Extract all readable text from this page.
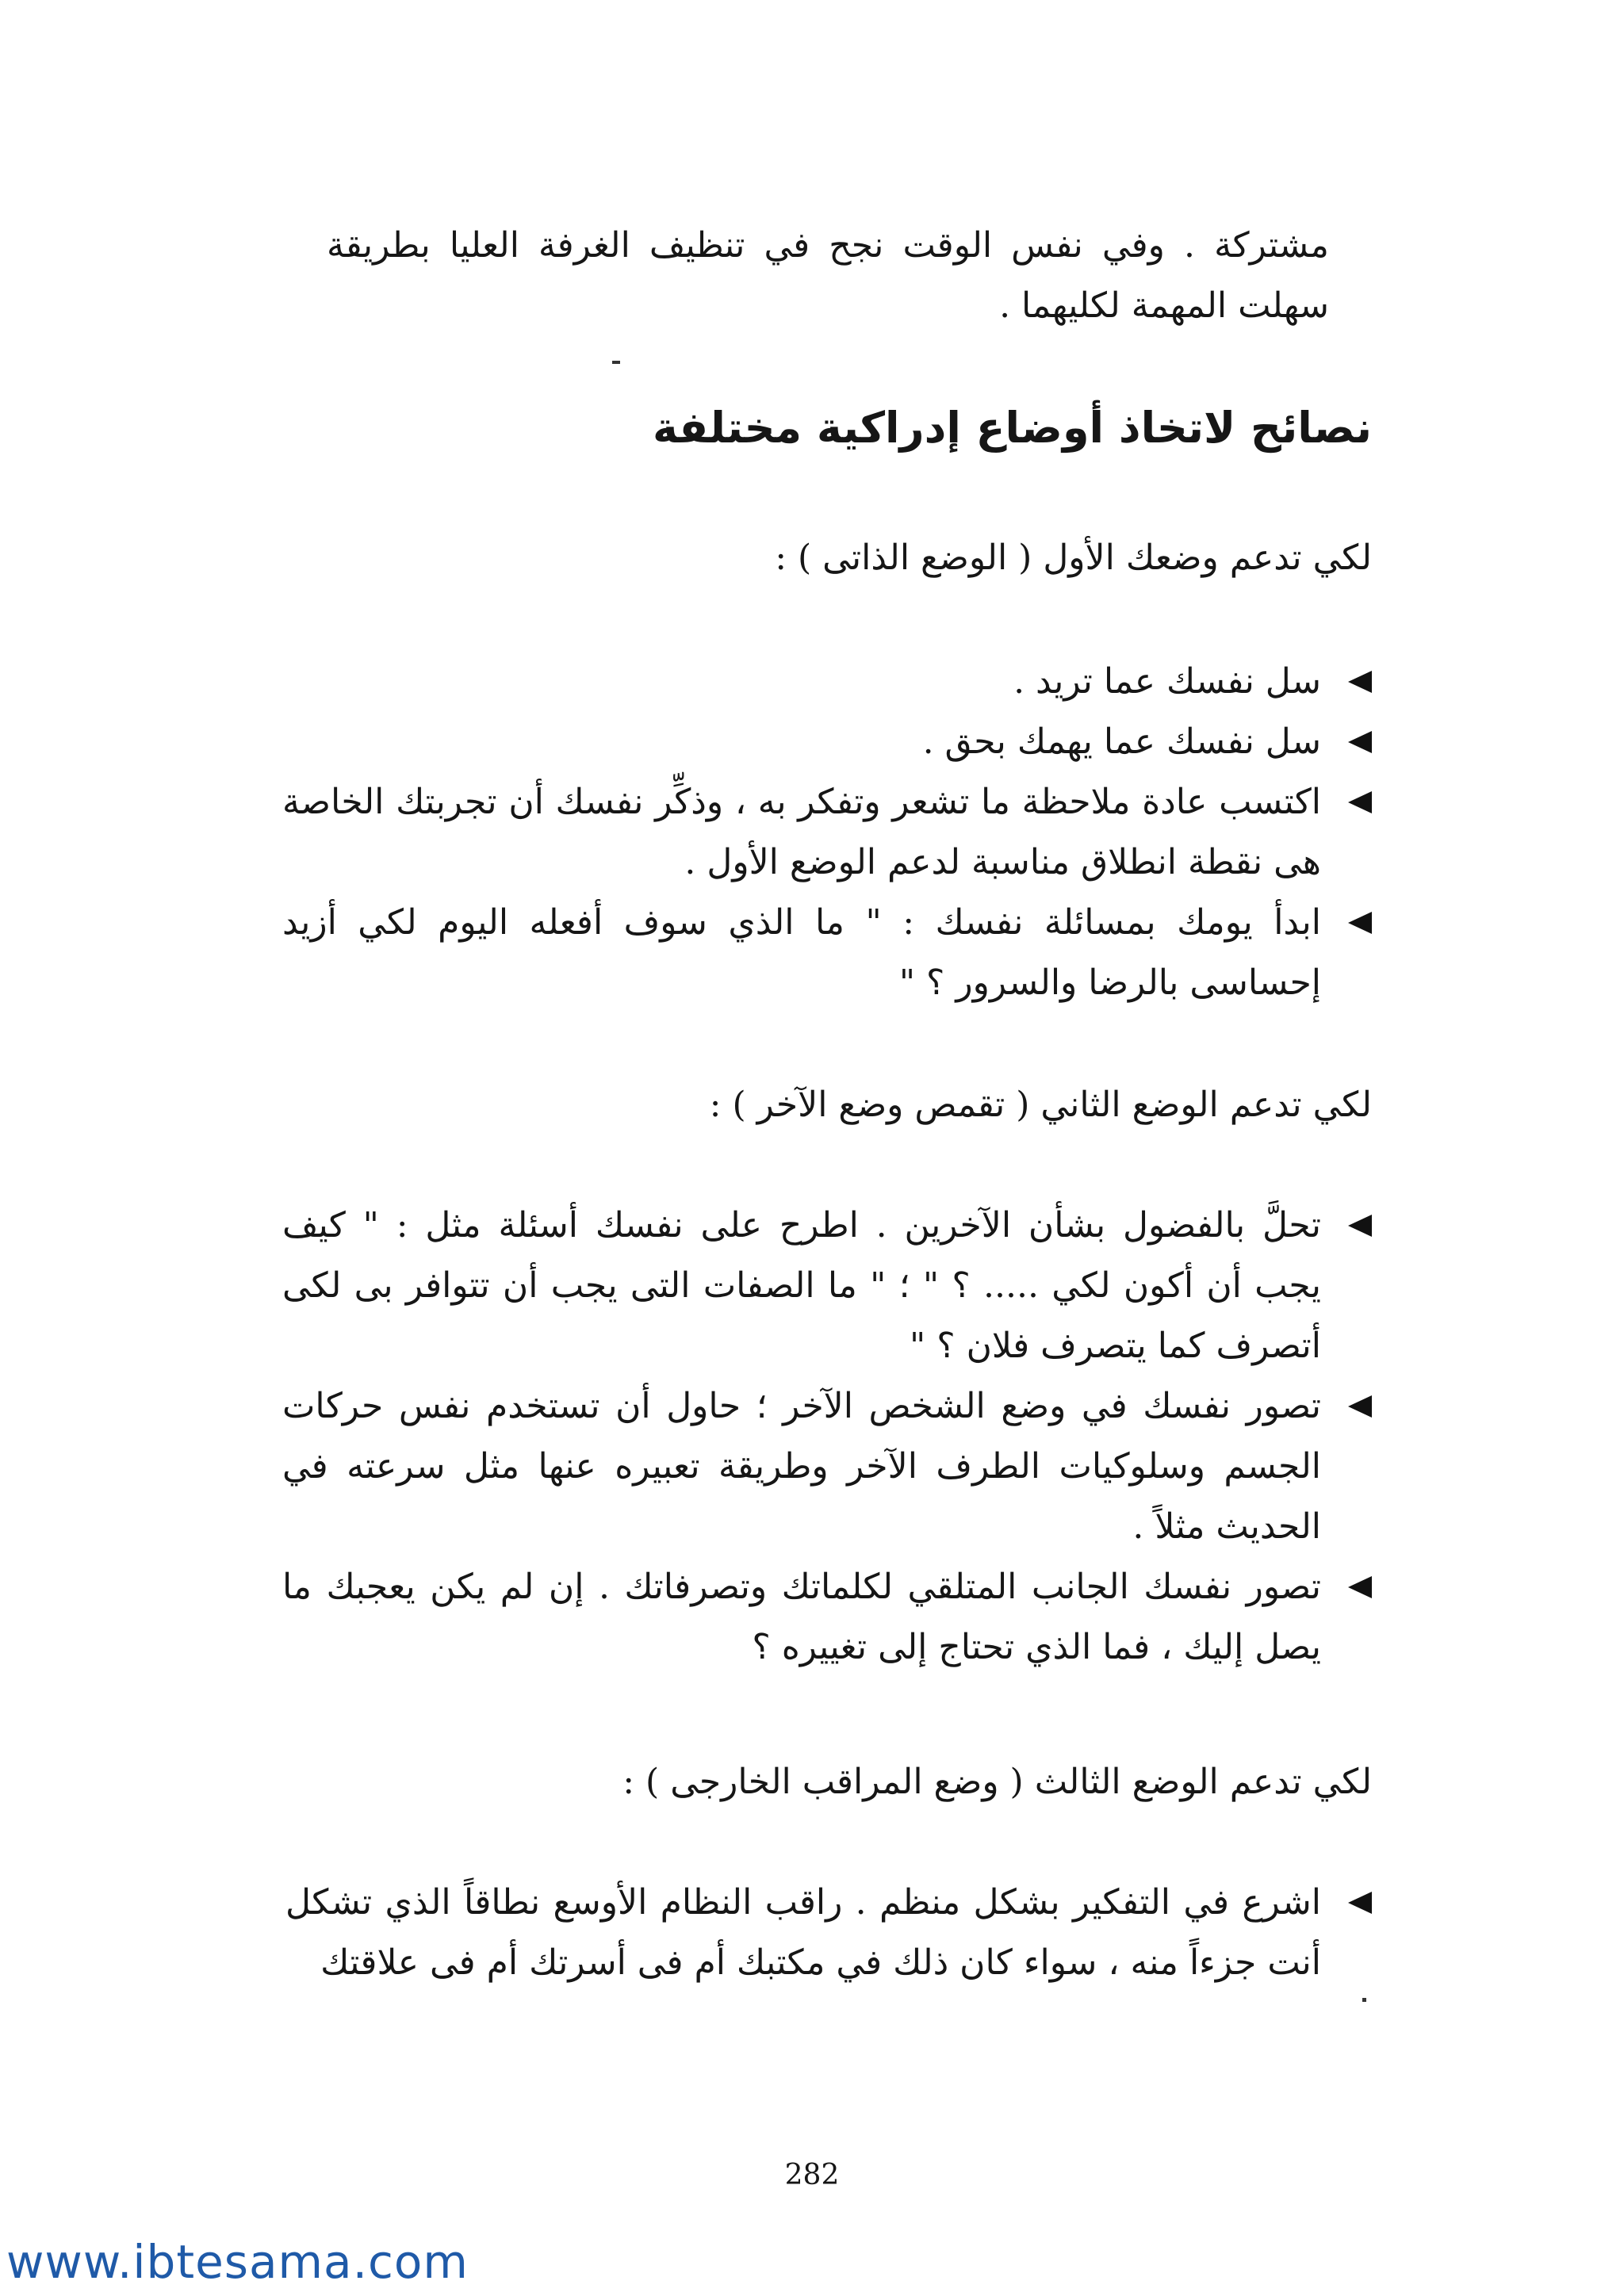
مشتركة . وفي نفس الوقت نجح في تنظيف الغرفة العليا بطريقة سهلت المهمة لكليهما .

نصائح لاتخاذ أوضاع إدراكية مختلفة

لكي تدعم وضعك الأول ( الوضع الذاتى ) :

سل نفسك عما تريد .
سل نفسك عما يهمك بحق .
اكتسب عادة ملاحظة ما تشعر وتفكر به ، وذكِّر نفسك أن تجربتك الخاصة هى نقطة انطلاق مناسبة لدعم الوضع الأول .
ابدأ يومك بمسائلة نفسك : " ما الذي سوف أفعله اليوم لكي أزيد إحساسى بالرضا والسرور ؟ "

لكي تدعم الوضع الثاني ( تقمص وضع الآخر ) :

تحلَّ بالفضول بشأن الآخرين . اطرح على نفسك أسئلة مثل : " كيف يجب أن أكون لكي ..... ؟ " ؛ " ما الصفات التى يجب أن تتوافر بى لكى أتصرف كما يتصرف فلان ؟ "
تصور نفسك في وضع الشخص الآخر ؛ حاول أن تستخدم نفس حركات الجسم وسلوكيات الطرف الآخر وطريقة تعبيره عنها مثل سرعته في الحديث مثلاً .
تصور نفسك الجانب المتلقي لكلماتك وتصرفاتك . إن لم يكن يعجبك ما يصل إليك ، فما الذي تحتاج إلى تغييره ؟

لكي تدعم الوضع الثالث ( وضع المراقب الخارجى ) :

اشرع في التفكير بشكل منظم . راقب النظام الأوسع نطاقاً الذي تشكل أنت جزءاً منه ، سواء كان ذلك في مكتبك أم فى أسرتك أم فى علاقتك
282
www.ibtesama.com
